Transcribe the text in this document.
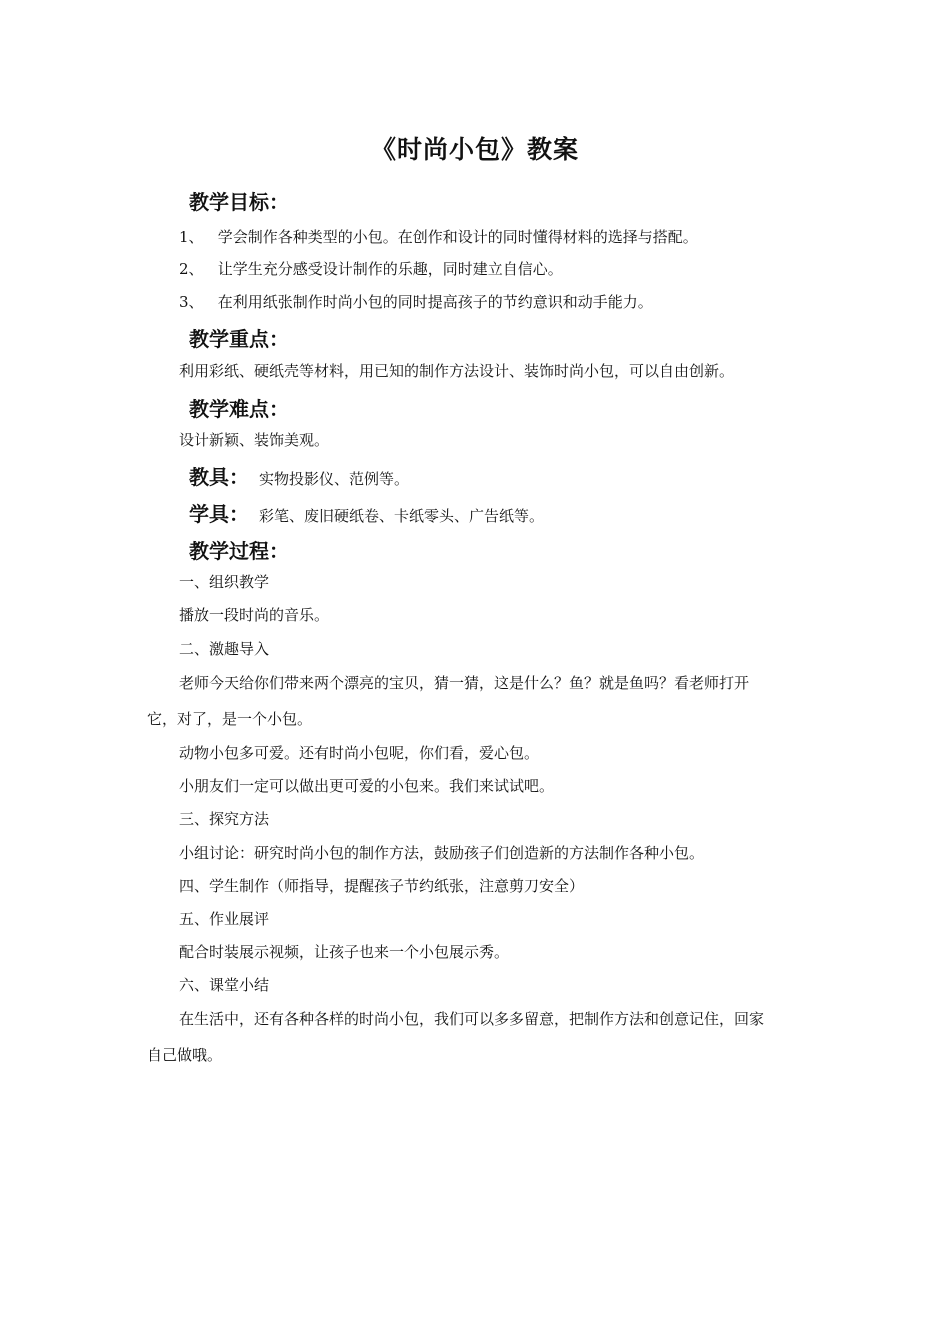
《时尚小包》教案
教学目标：
1、 学会制作各种类型的小包。在创作和设计的同时懂得材料的选择与搭配。
2、 让学生充分感受设计制作的乐趣，同时建立自信心。
3、 在利用纸张制作时尚小包的同时提高孩子的节约意识和动手能力。
教学重点：
利用彩纸、硬纸壳等材料，用已知的制作方法设计、装饰时尚小包，可以自由创新。
教学难点：
设计新颖、装饰美观。
教具： 实物投影仪、范例等。
学具： 彩笔、废旧硬纸卷、卡纸零头、广告纸等。
教学过程：
一、组织教学
播放一段时尚的音乐。
二、激趣导入
老师今天给你们带来两个漂亮的宝贝，猜一猜，这是什么？鱼？就是鱼吗？看老师打开
它，对了，是一个小包。
动物小包多可爱。还有时尚小包呢，你们看，爱心包。
小朋友们一定可以做出更可爱的小包来。我们来试试吧。
三、探究方法
小组讨论：研究时尚小包的制作方法，鼓励孩子们创造新的方法制作各种小包。
四、学生制作（师指导，提醒孩子节约纸张，注意剪刀安全）
五、作业展评
配合时装展示视频，让孩子也来一个小包展示秀。
六、课堂小结
在生活中，还有各种各样的时尚小包，我们可以多多留意，把制作方法和创意记住，回家
自己做哦。
